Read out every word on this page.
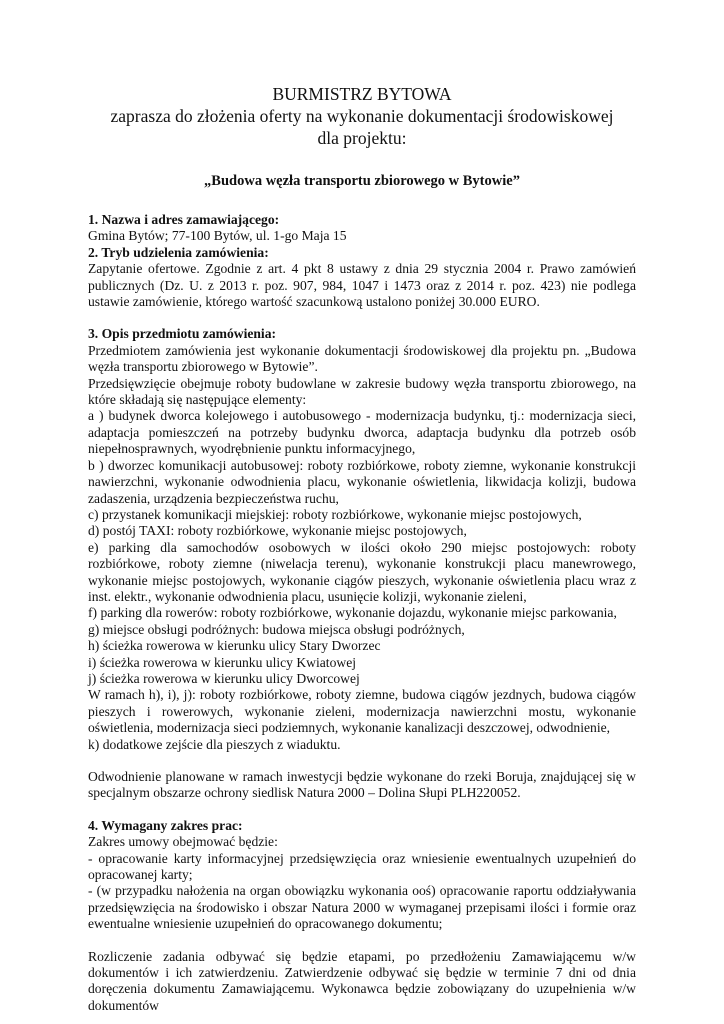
BURMISTRZ BYTOWA
zaprasza do złożenia oferty na wykonanie dokumentacji środowiskowej
dla projektu:
„Budowa węzła transportu zbiorowego w Bytowie”

1. Nazwa i adres zamawiającego:

Gmina Bytów; 77-100 Bytów, ul. 1-go Maja 15

2. Tryb udzielenia zamówienia:

Zapytanie ofertowe. Zgodnie z art. 4 pkt 8 ustawy z dnia 29 stycznia 2004 r. Prawo zamówień publicznych (Dz. U. z 2013 r. poz. 907, 984, 1047 i 1473 oraz z 2014 r. poz. 423) nie podlega ustawie zamówienie, którego wartość szacunkową ustalono poniżej 30.000 EURO.

3. Opis przedmiotu zamówienia:

Przedmiotem zamówienia jest wykonanie dokumentacji środowiskowej dla projektu pn. „Budowa węzła transportu zbiorowego w Bytowie”.

Przedsięwzięcie obejmuje roboty budowlane w zakresie budowy węzła transportu zbiorowego, na które składają się następujące elementy:

a ) budynek dworca kolejowego i autobusowego - modernizacja budynku, tj.: modernizacja sieci, adaptacja pomieszczeń na potrzeby budynku dworca, adaptacja budynku dla potrzeb osób niepełnosprawnych, wyodrębnienie punktu informacyjnego,

b ) dworzec komunikacji autobusowej: roboty rozbiórkowe, roboty ziemne, wykonanie konstrukcji nawierzchni, wykonanie odwodnienia placu, wykonanie oświetlenia, likwidacja kolizji, budowa zadaszenia, urządzenia bezpieczeństwa ruchu,

c) przystanek komunikacji miejskiej: roboty rozbiórkowe, wykonanie miejsc postojowych,

d) postój TAXI: roboty rozbiórkowe, wykonanie miejsc postojowych,

e) parking dla samochodów osobowych w ilości około 290 miejsc postojowych: roboty rozbiórkowe, roboty ziemne (niwelacja terenu), wykonanie konstrukcji placu manewrowego, wykonanie miejsc postojowych, wykonanie ciągów pieszych, wykonanie oświetlenia placu wraz z inst. elektr., wykonanie odwodnienia placu, usunięcie kolizji, wykonanie zieleni,

f) parking dla rowerów: roboty rozbiórkowe, wykonanie dojazdu, wykonanie miejsc parkowania,

g) miejsce obsługi podróżnych: budowa miejsca obsługi podróżnych,

h) ścieżka rowerowa w kierunku ulicy Stary Dworzec

i) ścieżka rowerowa w kierunku ulicy Kwiatowej

j) ścieżka rowerowa w kierunku ulicy Dworcowej

W ramach h), i), j): roboty rozbiórkowe, roboty ziemne, budowa ciągów jezdnych, budowa ciągów pieszych i rowerowych, wykonanie zieleni, modernizacja nawierzchni mostu, wykonanie oświetlenia, modernizacja sieci podziemnych, wykonanie kanalizacji deszczowej, odwodnienie,

k) dodatkowe zejście dla pieszych z wiaduktu.

Odwodnienie planowane w ramach inwestycji będzie wykonane do rzeki Boruja, znajdującej się w specjalnym obszarze ochrony siedlisk Natura 2000 – Dolina Słupi PLH220052.

4. Wymagany zakres prac:

Zakres umowy obejmować będzie:

- opracowanie karty informacyjnej przedsięwzięcia oraz wniesienie ewentualnych uzupełnień do opracowanej karty;

- (w przypadku nałożenia na organ obowiązku wykonania ooś) opracowanie raportu oddziaływania przedsięwzięcia na środowisko i obszar Natura 2000 w wymaganej przepisami ilości i formie oraz ewentualne wniesienie uzupełnień do opracowanego dokumentu;

Rozliczenie zadania odbywać się będzie etapami, po przedłożeniu Zamawiającemu w/w dokumentów i ich zatwierdzeniu. Zatwierdzenie odbywać się będzie w terminie 7 dni od dnia doręczenia dokumentu Zamawiającemu. Wykonawca będzie zobowiązany do uzupełnienia w/w dokumentów
